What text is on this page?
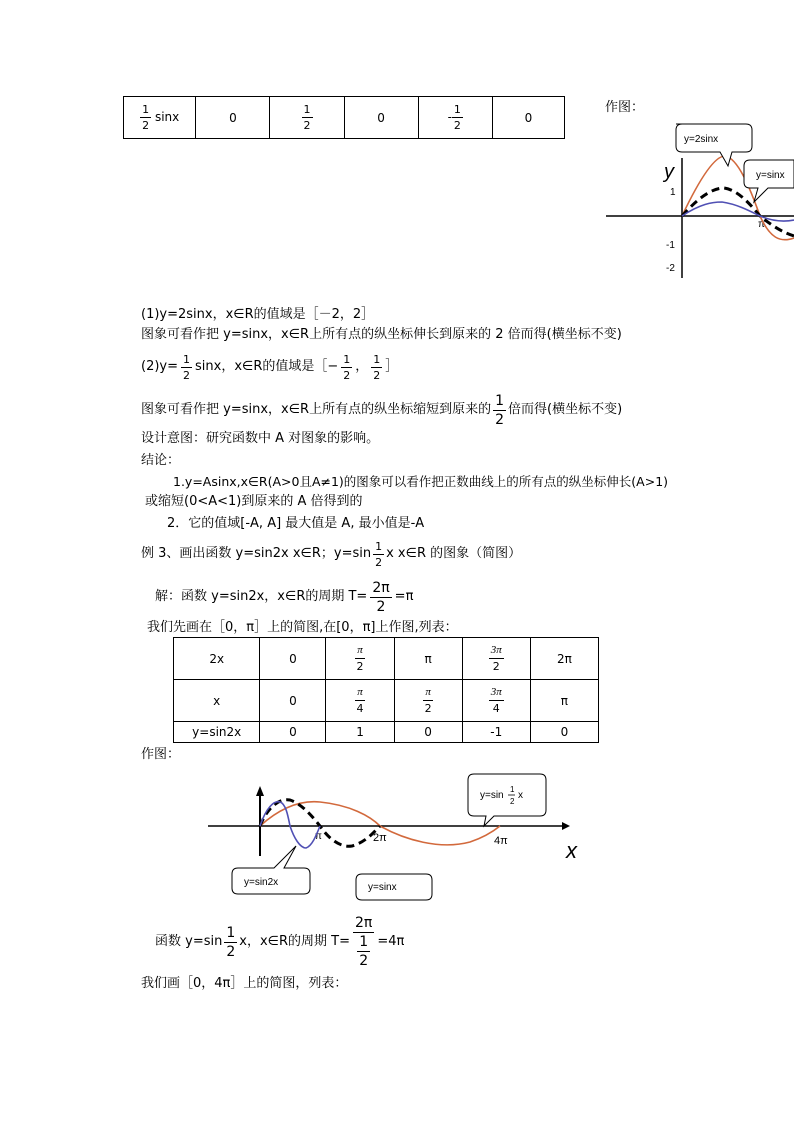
$\frac{1}{2}$ sinx	0	$\frac{1}{2}$	0	- $\frac{1}{2}$	0
作图：
y
1
-1
-2
π
y=2sinx
y=sinx
(1)y=2sinx，x∈R的值域是［－2，2］
图象可看作把 y=sinx，x∈R上所有点的纵坐标伸长到原来的 2 倍而得(横坐标不变)
$(2)y= \frac{1}{2}$ sinx，x∈R的值域是［− $\frac{1}{2}$ ， $\frac{1}{2}$ ］
图象可看作把 y=sinx，x∈R上所有点的纵坐标缩短到原来的 $\frac{1}{2}$ 倍而得(横坐标不变)
设计意图：研究函数中 A 对图象的影响。
结论：
1.y=Asinx,x∈R(A>0且A≠1)的图象可以看作把正数曲线上的所有点的纵坐标伸长(A>1)
或缩短(0<A<1)到原来的 A 倍得到的
2．它的值域[-A, A] 最大值是 A, 最小值是-A
例 3、画出函数 y=sin2x x∈R；$y=\sin \frac{1}{2}$ x x∈R 的图象（简图）
解：函数 y=sin2x，x∈R的周期 $T= \frac{2\pi}{2} =\pi$
我们先画在［0，π］上的简图,在[0，π]上作图,列表：
2x	0	$\frac{\pi}{2}$	π	$\frac{3\pi}{2}$	2π
x	0	$\frac{\pi}{4}$	$\frac{\pi}{2}$	$\frac{3\pi}{4}$	π
y=sin2x	0	1	0	-1	0
作图：
x
π	2π	4π
y=sin
1
2
x
y=sin2x	y=sinx
函数 $y=\sin \frac{1}{2}$ x，x∈R的周期 $T= \frac{2\pi}{\frac{1}{2}} =4\pi$
我们画［0，4π］上的简图，列表：
